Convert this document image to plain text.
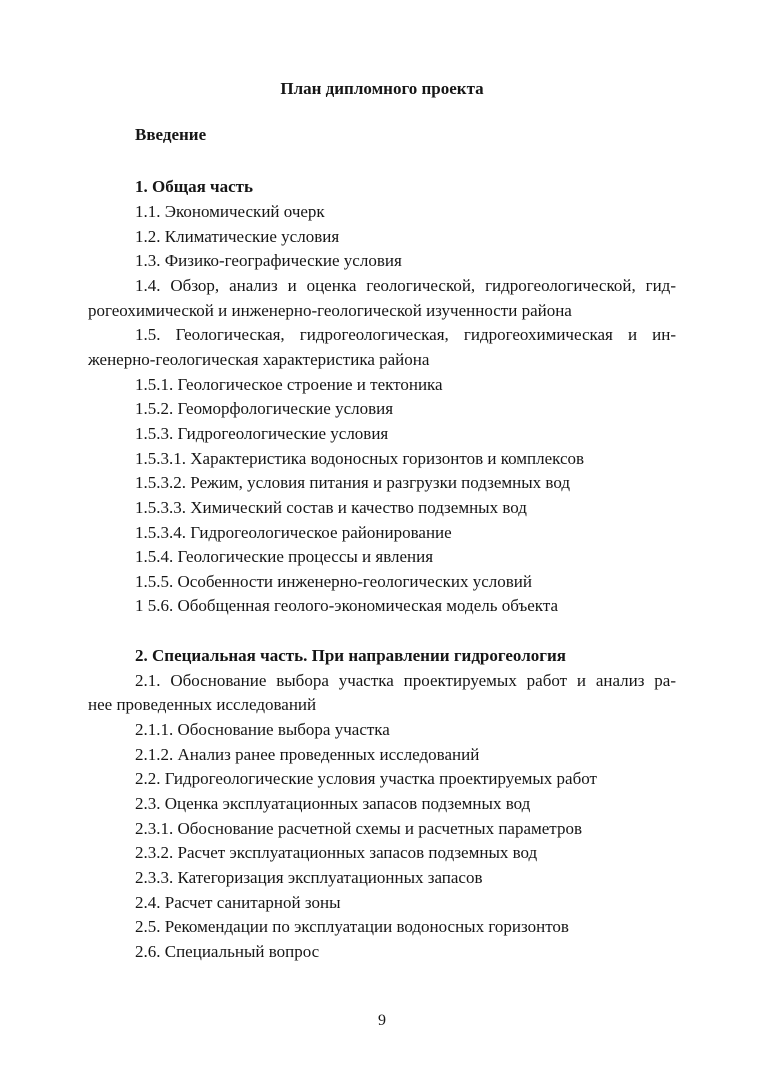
План дипломного проекта
Введение
1. Общая часть
1.1. Экономический очерк
1.2. Климатические условия
1.3. Физико-географические условия
1.4. Обзор, анализ и оценка геологической, гидрогеологической, гид-
рогеохимической и инженерно-геологической изученности района
1.5. Геологическая, гидрогеологическая, гидрогеохимическая и ин-
женерно-геологическая характеристика района
1.5.1. Геологическое строение и тектоника
1.5.2. Геоморфологические условия
1.5.3. Гидрогеологические условия
1.5.3.1. Характеристика водоносных горизонтов и комплексов
1.5.3.2. Режим, условия питания и разгрузки подземных вод
1.5.3.3. Химический состав и качество подземных вод
1.5.3.4. Гидрогеологическое районирование
1.5.4. Геологические процессы и явления
1.5.5. Особенности инженерно-геологических условий
1 5.6. Обобщенная геолого-экономическая модель объекта
2. Специальная часть. При направлении гидрогеология
2.1. Обоснование выбора участка проектируемых работ и анализ ра-
нее проведенных исследований
2.1.1. Обоснование выбора участка
2.1.2. Анализ ранее проведенных исследований
2.2. Гидрогеологические условия участка проектируемых работ
2.3. Оценка эксплуатационных запасов подземных вод
2.3.1. Обоснование расчетной схемы и расчетных параметров
2.3.2. Расчет эксплуатационных запасов подземных вод
2.3.3. Категоризация эксплуатационных запасов
2.4. Расчет санитарной зоны
2.5. Рекомендации по эксплуатации водоносных горизонтов
2.6. Специальный вопрос
9
